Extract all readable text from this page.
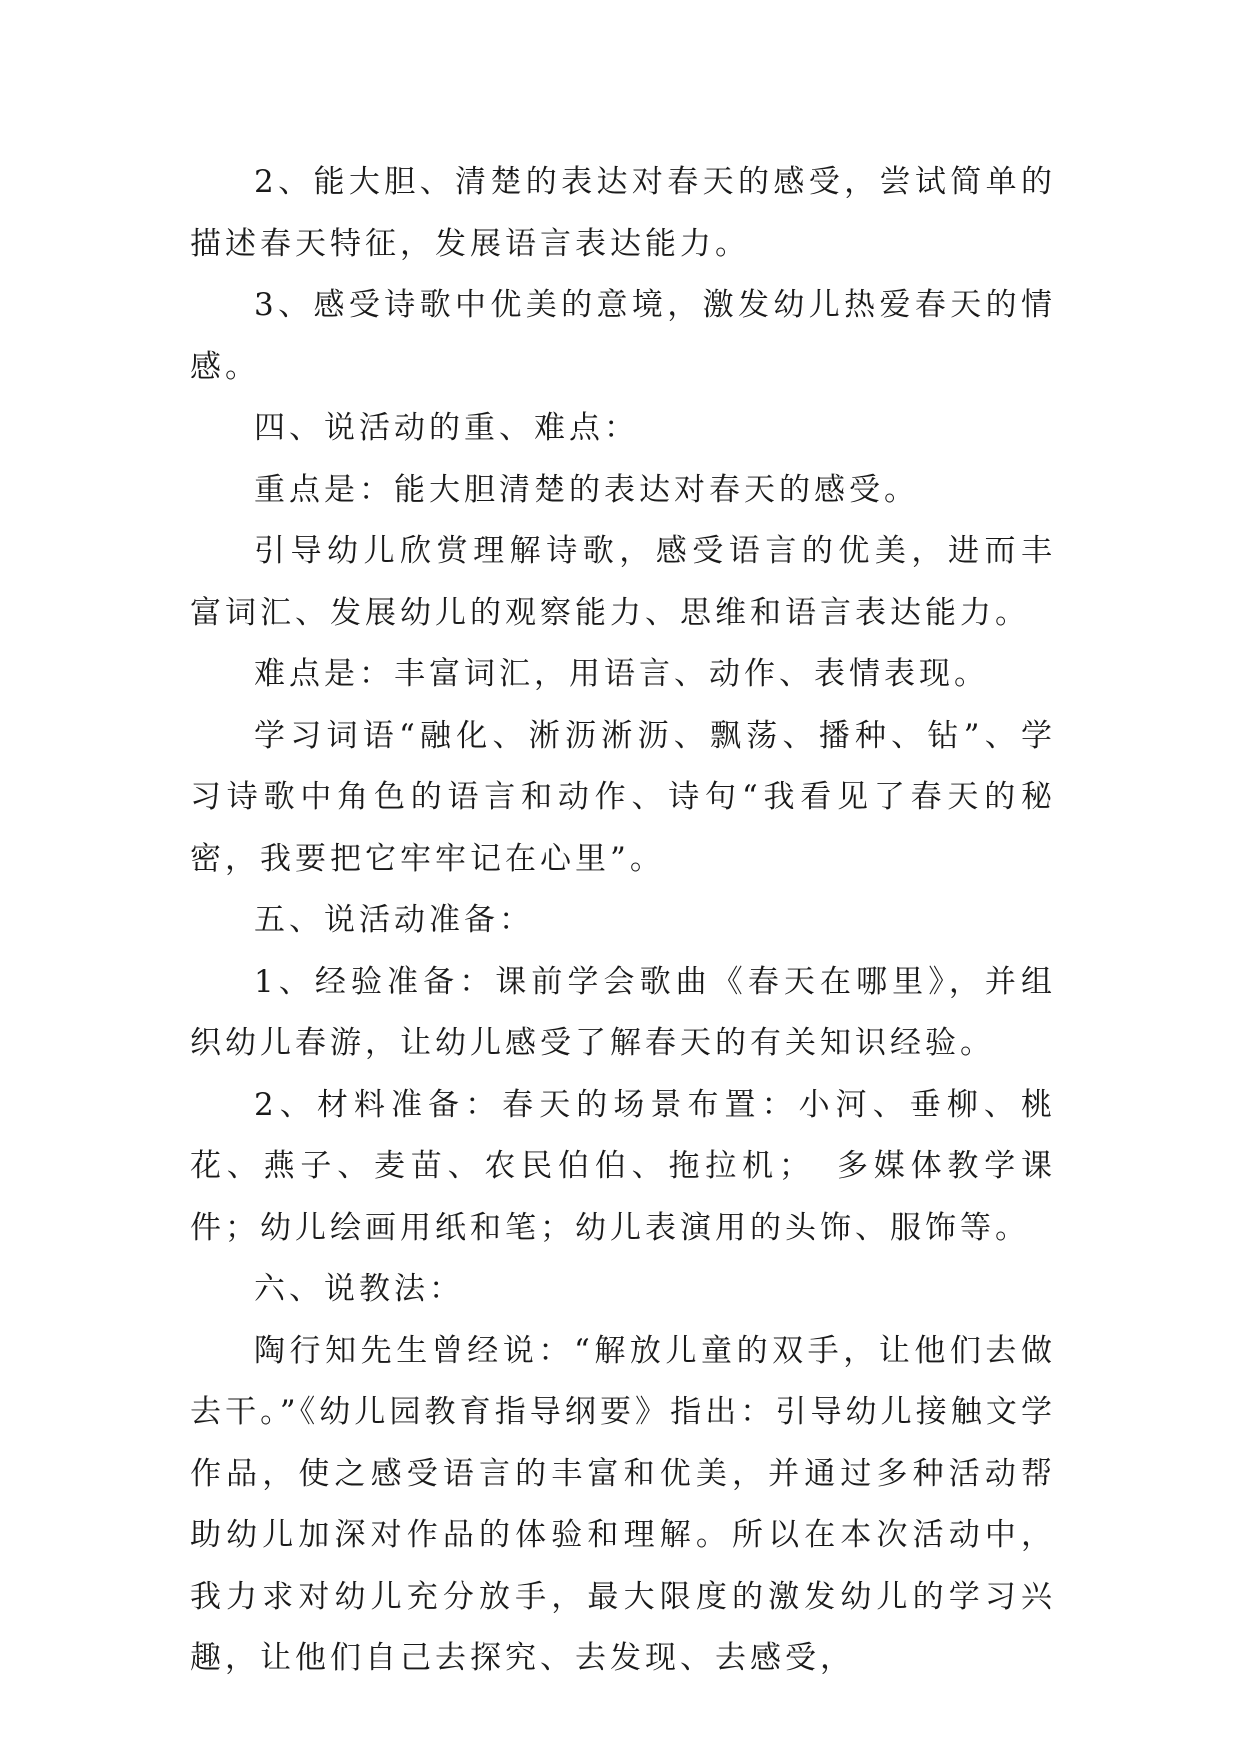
2、能大胆、清楚的表达对春天的感受，尝试简单的描述春天特征，发展语言表达能力。

3、感受诗歌中优美的意境，激发幼儿热爱春天的情感。

四、说活动的重、难点：

重点是：能大胆清楚的表达对春天的感受。

引导幼儿欣赏理解诗歌，感受语言的优美，进而丰富词汇、发展幼儿的观察能力、思维和语言表达能力。

难点是：丰富词汇，用语言、动作、表情表现。

学习词语“融化、淅沥淅沥、飘荡、播种、钻”、学习诗歌中角色的语言和动作、诗句“我看见了春天的秘密，我要把它牢牢记在心里”。

五、说活动准备：

1、经验准备：课前学会歌曲《春天在哪里》，并组织幼儿春游，让幼儿感受了解春天的有关知识经验。

2、材料准备：春天的场景布置：小河、垂柳、桃花、燕子、麦苗、农民伯伯、拖拉机；　多媒体教学课件；幼儿绘画用纸和笔；幼儿表演用的头饰、服饰等。

六、说教法：

陶行知先生曾经说：“解放儿童的双手，让他们去做去干。”《幼儿园教育指导纲要》指出：引导幼儿接触文学作品，使之感受语言的丰富和优美，并通过多种活动帮助幼儿加深对作品的体验和理解。所以在本次活动中，我力求对幼儿充分放手，最大限度的激发幼儿的学习兴趣，让他们自己去探究、去发现、去感受，
